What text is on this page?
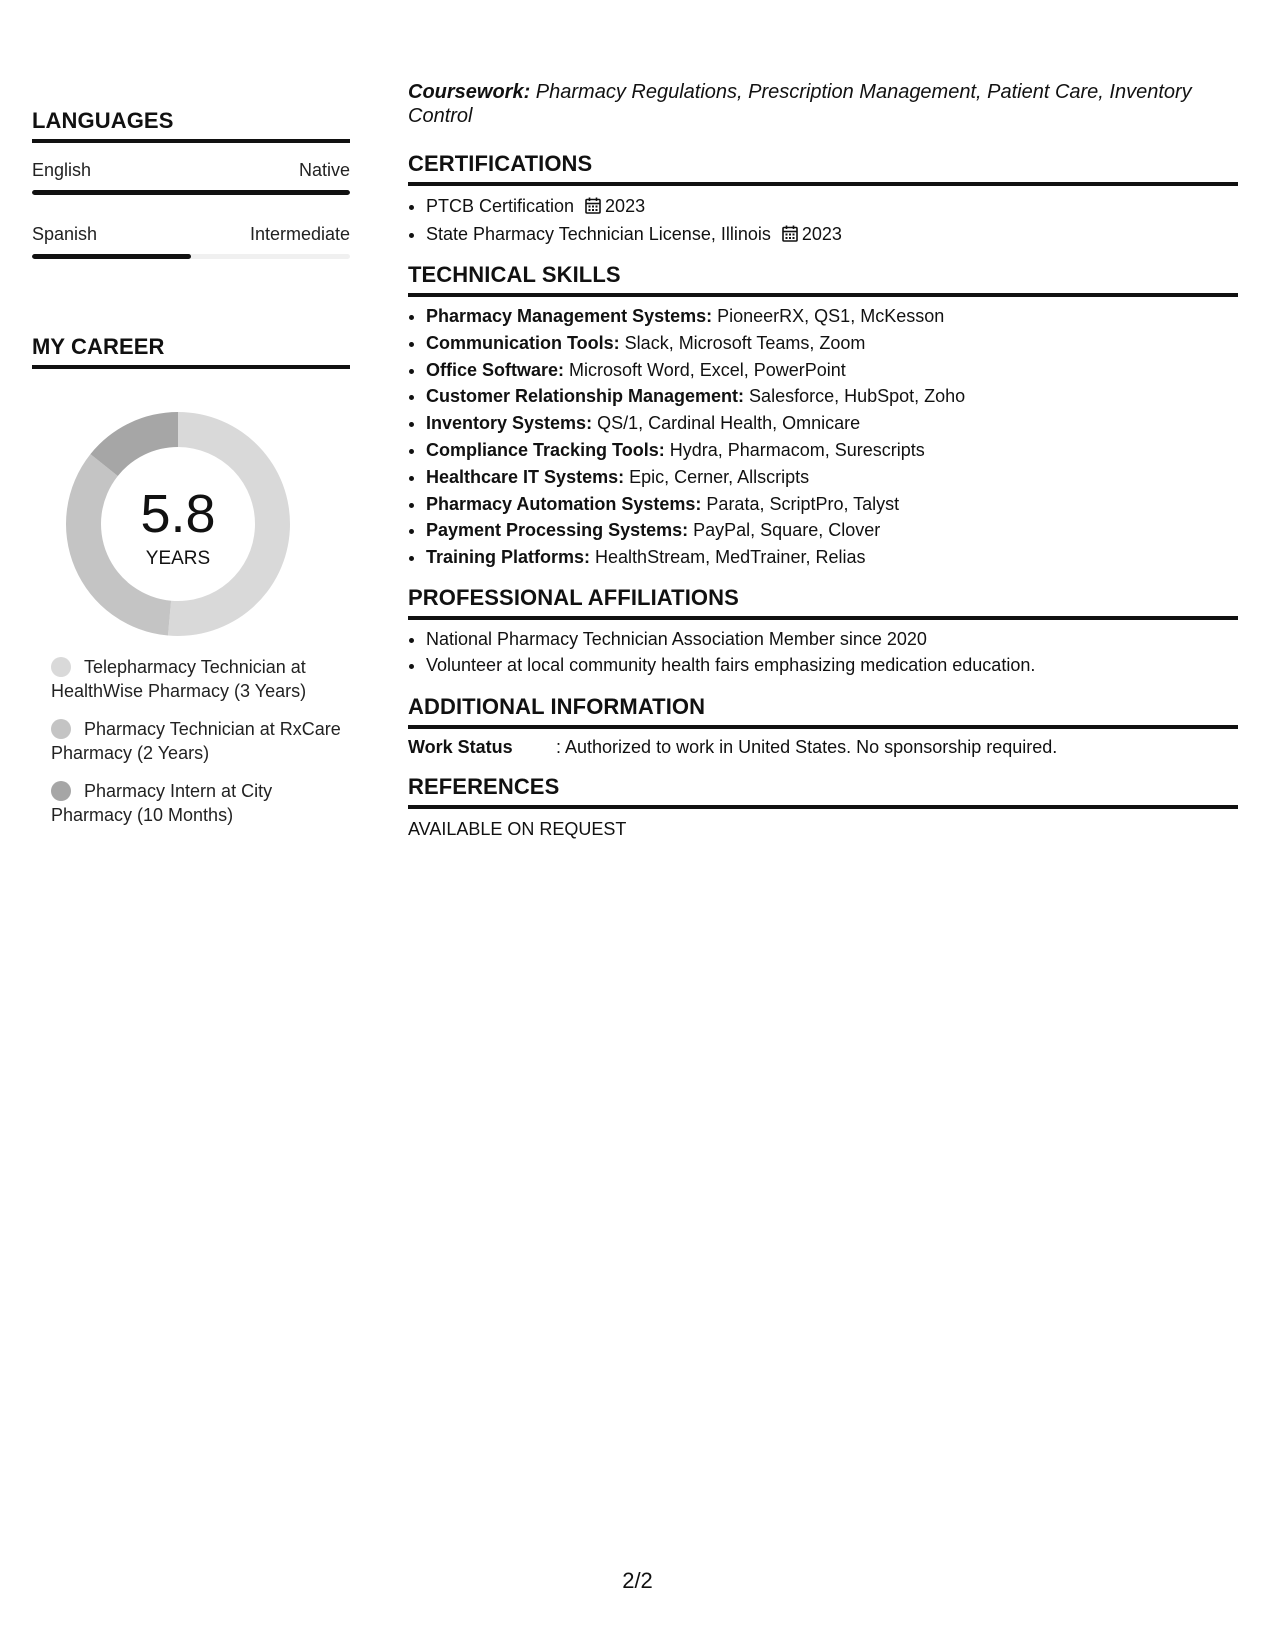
LANGUAGES
English	Native
Spanish	Intermediate
MY CAREER
5.8
YEARS
Telepharmacy Technician at HealthWise Pharmacy (3 Years)
Pharmacy Technician at RxCare Pharmacy (2 Years)
Pharmacy Intern at City Pharmacy (10 Months)
Coursework: Pharmacy Regulations, Prescription Management, Patient Care, Inventory Control
CERTIFICATIONS
• PTCB Certification 2023
• State Pharmacy Technician License, Illinois 2023
TECHNICAL SKILLS
• Pharmacy Management Systems: PioneerRX, QS1, McKesson
• Communication Tools: Slack, Microsoft Teams, Zoom
• Office Software: Microsoft Word, Excel, PowerPoint
• Customer Relationship Management: Salesforce, HubSpot, Zoho
• Inventory Systems: QS/1, Cardinal Health, Omnicare
• Compliance Tracking Tools: Hydra, Pharmacom, Surescripts
• Healthcare IT Systems: Epic, Cerner, Allscripts
• Pharmacy Automation Systems: Parata, ScriptPro, Talyst
• Payment Processing Systems: PayPal, Square, Clover
• Training Platforms: HealthStream, MedTrainer, Relias
PROFESSIONAL AFFILIATIONS
• National Pharmacy Technician Association Member since 2020
• Volunteer at local community health fairs emphasizing medication education.
ADDITIONAL INFORMATION
Work Status	: Authorized to work in United States. No sponsorship required.
REFERENCES
AVAILABLE ON REQUEST
2/2
